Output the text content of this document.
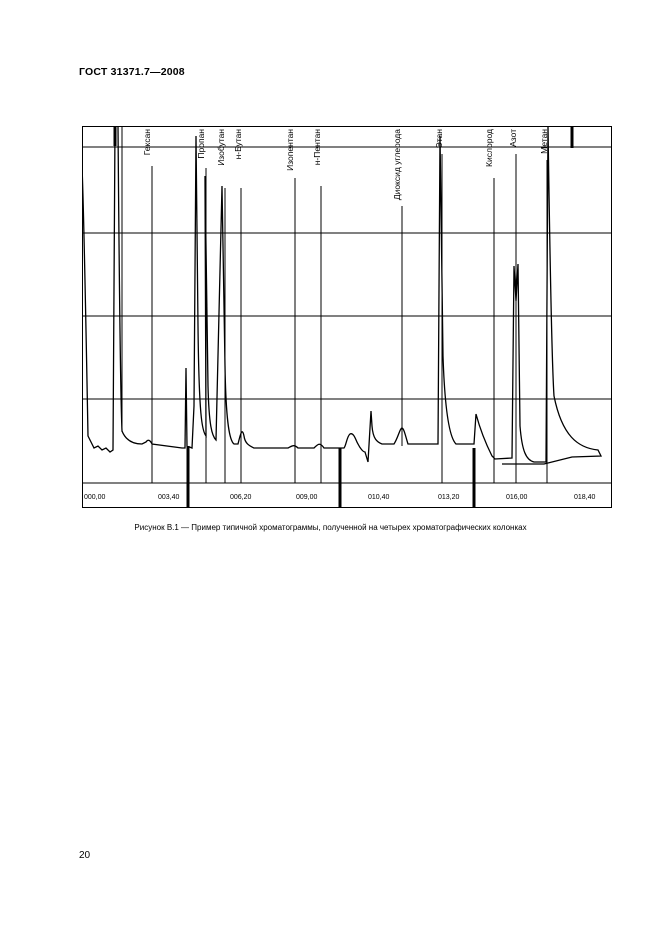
ГОСТ 31371.7—2008
000,00	003,40	006,20	009,00	010,40	013,20	016,00	018,40
Гексан	Пропан Изобутан н-Бутан	Изопентан н-Пентан	Диоксид углерода	Этан	Кислород Азот Метан
Рисунок В.1 — Пример типичной хроматограммы, полученной на четырех хроматографических колонках
20
